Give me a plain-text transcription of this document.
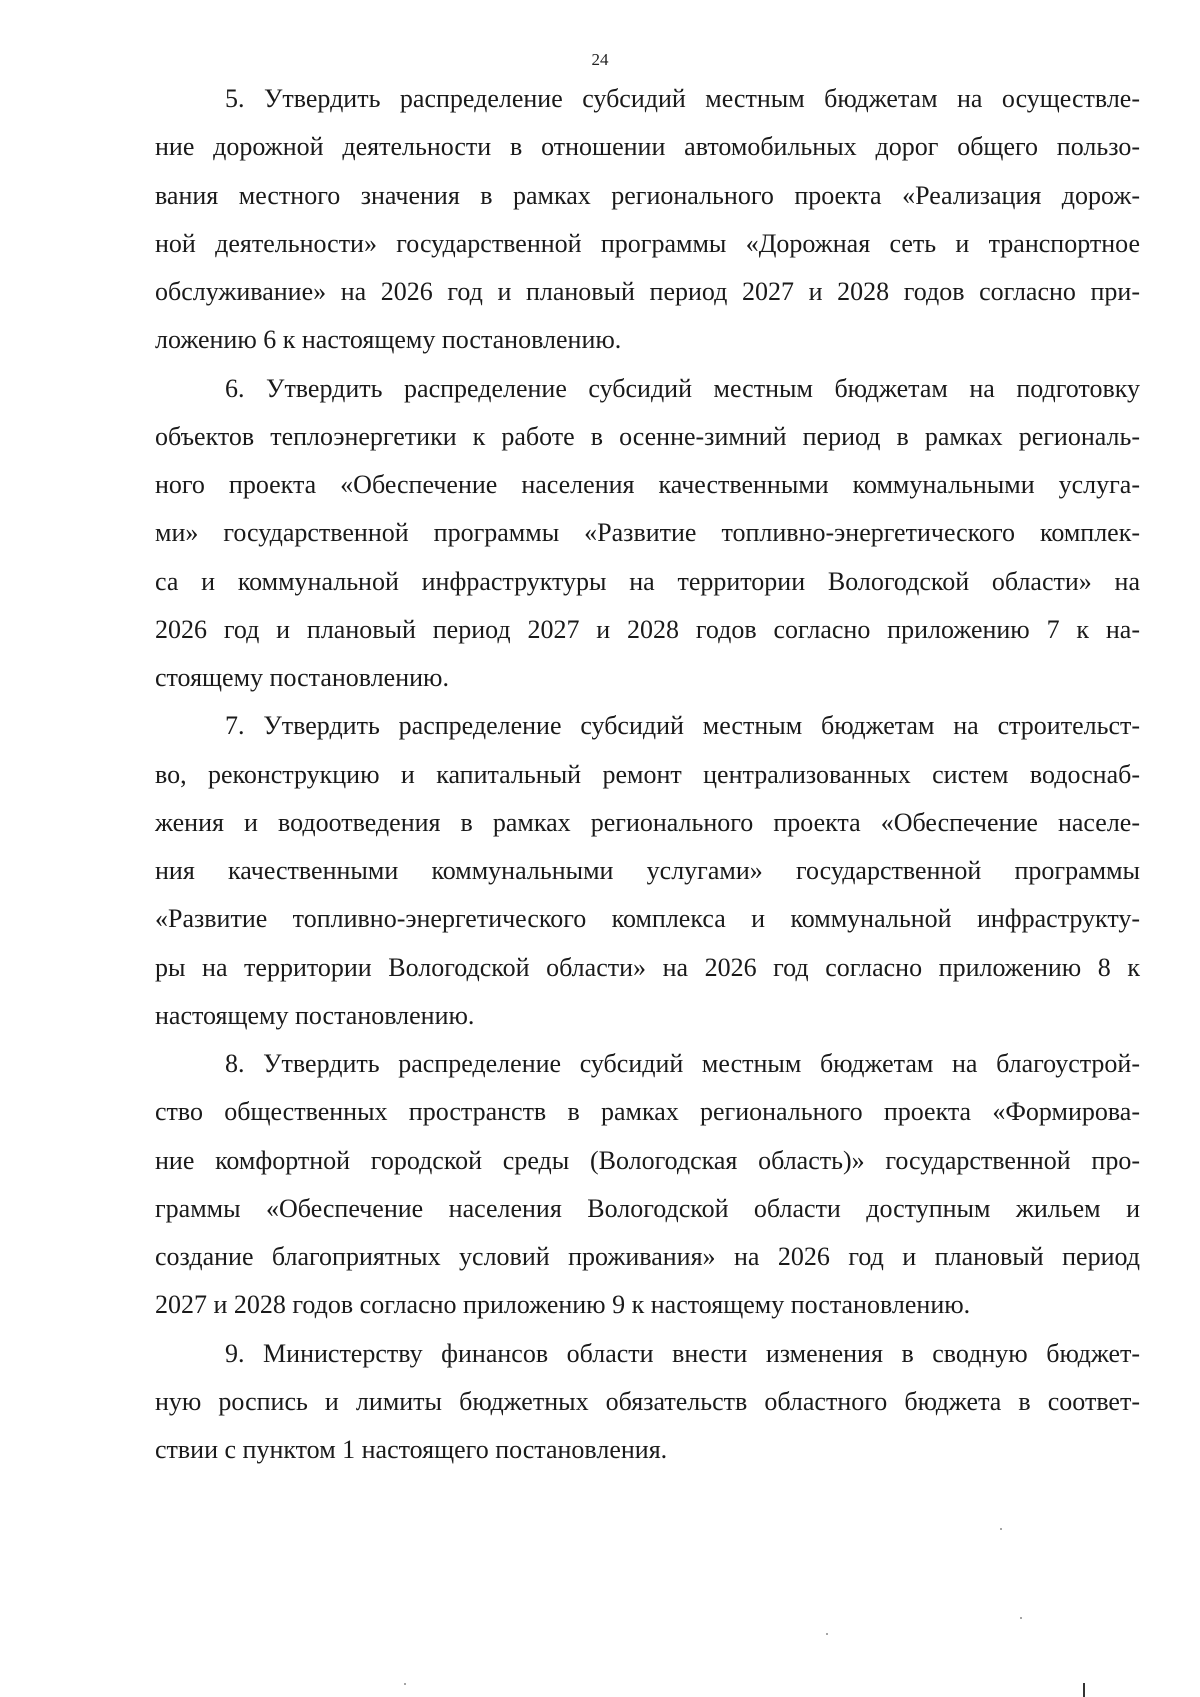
24
5. Утвердить распределение субсидий местным бюджетам на осуществле-
ние дорожной деятельности в отношении автомобильных дорог общего пользо-
вания местного значения в рамках регионального проекта «Реализация дорож-
ной деятельности» государственной программы «Дорожная сеть и транспортное
обслуживание» на 2026 год и плановый период 2027 и 2028 годов согласно при-
ложению 6 к настоящему постановлению.
6. Утвердить распределение субсидий местным бюджетам на подготовку
объектов теплоэнергетики к работе в осенне-зимний период в рамках региональ-
ного проекта «Обеспечение населения качественными коммунальными услуга-
ми» государственной программы «Развитие топливно-энергетического комплек-
са и коммунальной инфраструктуры на территории Вологодской области» на
2026 год и плановый период 2027 и 2028 годов согласно приложению 7 к на-
стоящему постановлению.
7. Утвердить распределение субсидий местным бюджетам на строительст-
во, реконструкцию и капитальный ремонт централизованных систем водоснаб-
жения и водоотведения в рамках регионального проекта «Обеспечение населе-
ния качественными коммунальными услугами» государственной программы
«Развитие топливно-энергетического комплекса и коммунальной инфраструкту-
ры на территории Вологодской области» на 2026 год согласно приложению 8 к
настоящему постановлению.
8. Утвердить распределение субсидий местным бюджетам на благоустрой-
ство общественных пространств в рамках регионального проекта «Формирова-
ние комфортной городской среды (Вологодская область)» государственной про-
граммы «Обеспечение населения Вологодской области доступным жильем и
создание благоприятных условий проживания» на 2026 год и плановый период
2027 и 2028 годов согласно приложению 9 к настоящему постановлению.
9. Министерству финансов области внести изменения в сводную бюджет-
ную роспись и лимиты бюджетных обязательств областного бюджета в соответ-
ствии с пунктом 1 настоящего постановления.
